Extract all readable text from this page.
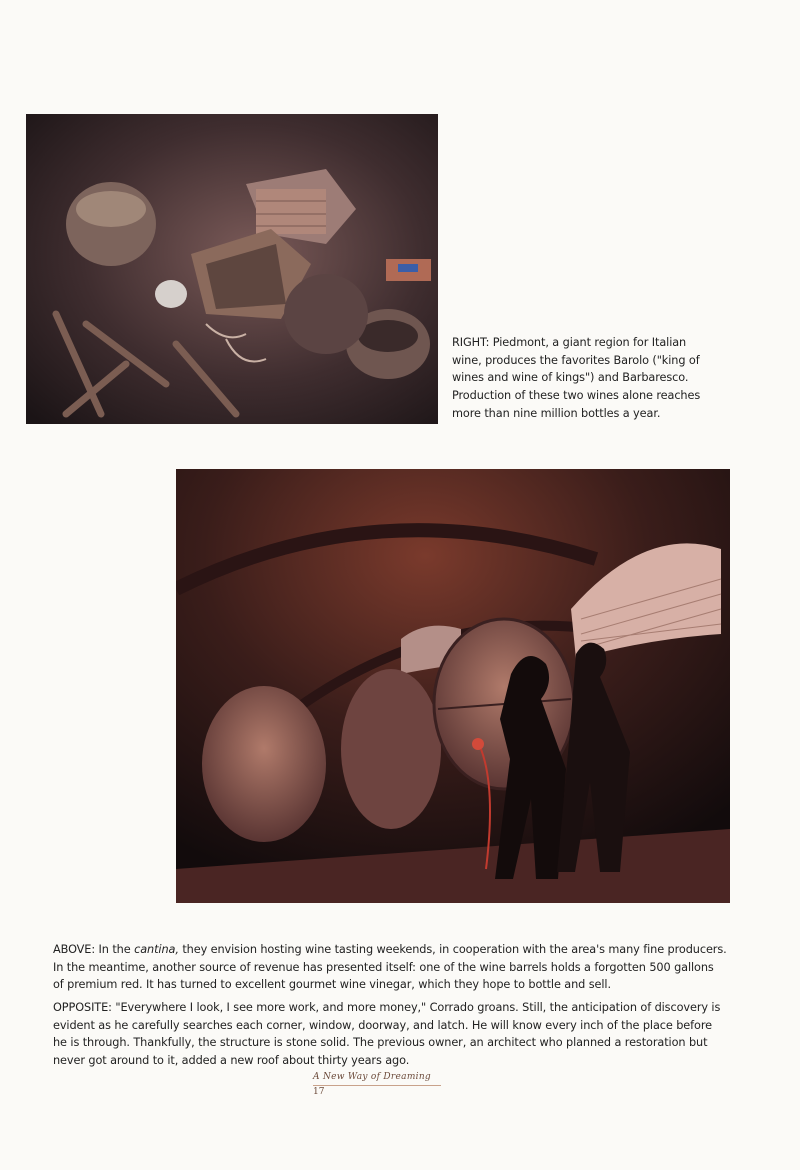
RIGHT: Piedmont, a giant region for Italian wine, produces the favorites Barolo ("king of wines and wine of kings") and Barbaresco. Production of these two wines alone reaches more than nine million bottles a year.

ABOVE: In the cantina, they envision hosting wine tasting weekends, in cooperation with the area's many fine producers. In the meantime, another source of revenue has presented itself: one of the wine barrels holds a forgotten 500 gallons of premium red. It has turned to excellent gourmet wine vinegar, which they hope to bottle and sell.

OPPOSITE: "Everywhere I look, I see more work, and more money," Corrado groans. Still, the anticipation of discovery is evident as he carefully searches each corner, window, doorway, and latch. He will know every inch of the place before he is through. Thankfully, the structure is stone solid. The previous owner, an architect who planned a restoration but never got around to it, added a new roof about thirty years ago.

A New Way of Dreaming
17
